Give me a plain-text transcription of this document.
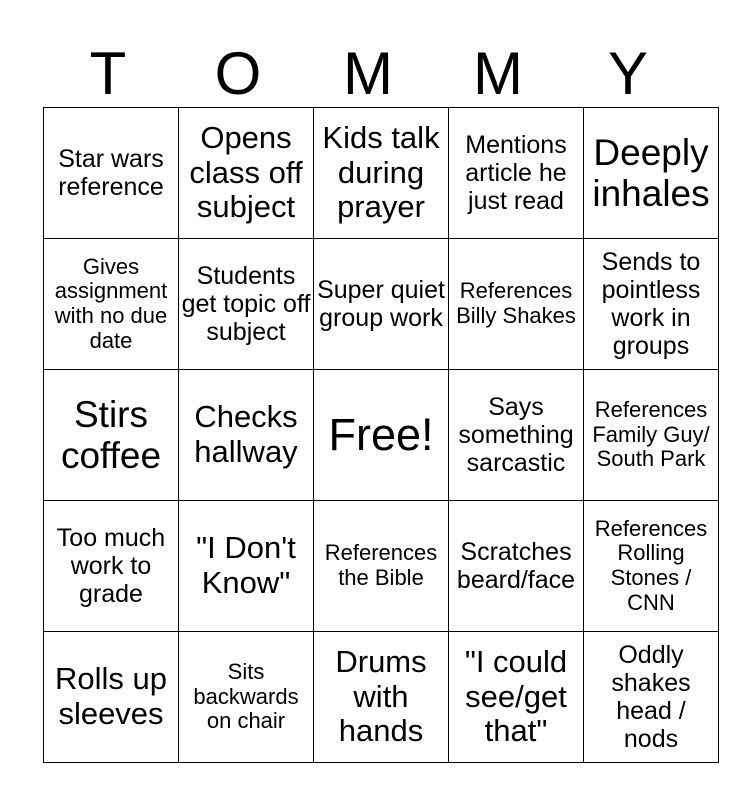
T	O	M	M	Y
Star wars reference	Opens class off subject	Kids talk during prayer	Mentions article he just read	Deeply inhales
Gives assignment with no due date	Students get topic off subject	Super quiet group work	References Billy Shakes	Sends to pointless work in groups
Stirs coffee	Checks hallway	Free!	Says something sarcastic	References Family Guy/ South Park
Too much work to grade	"I Don't Know"	References the Bible	Scratches beard/face	References Rolling Stones / CNN
Rolls up sleeves	Sits backwards on chair	Drums with hands	"I could see/get that"	Oddly shakes head / nods
